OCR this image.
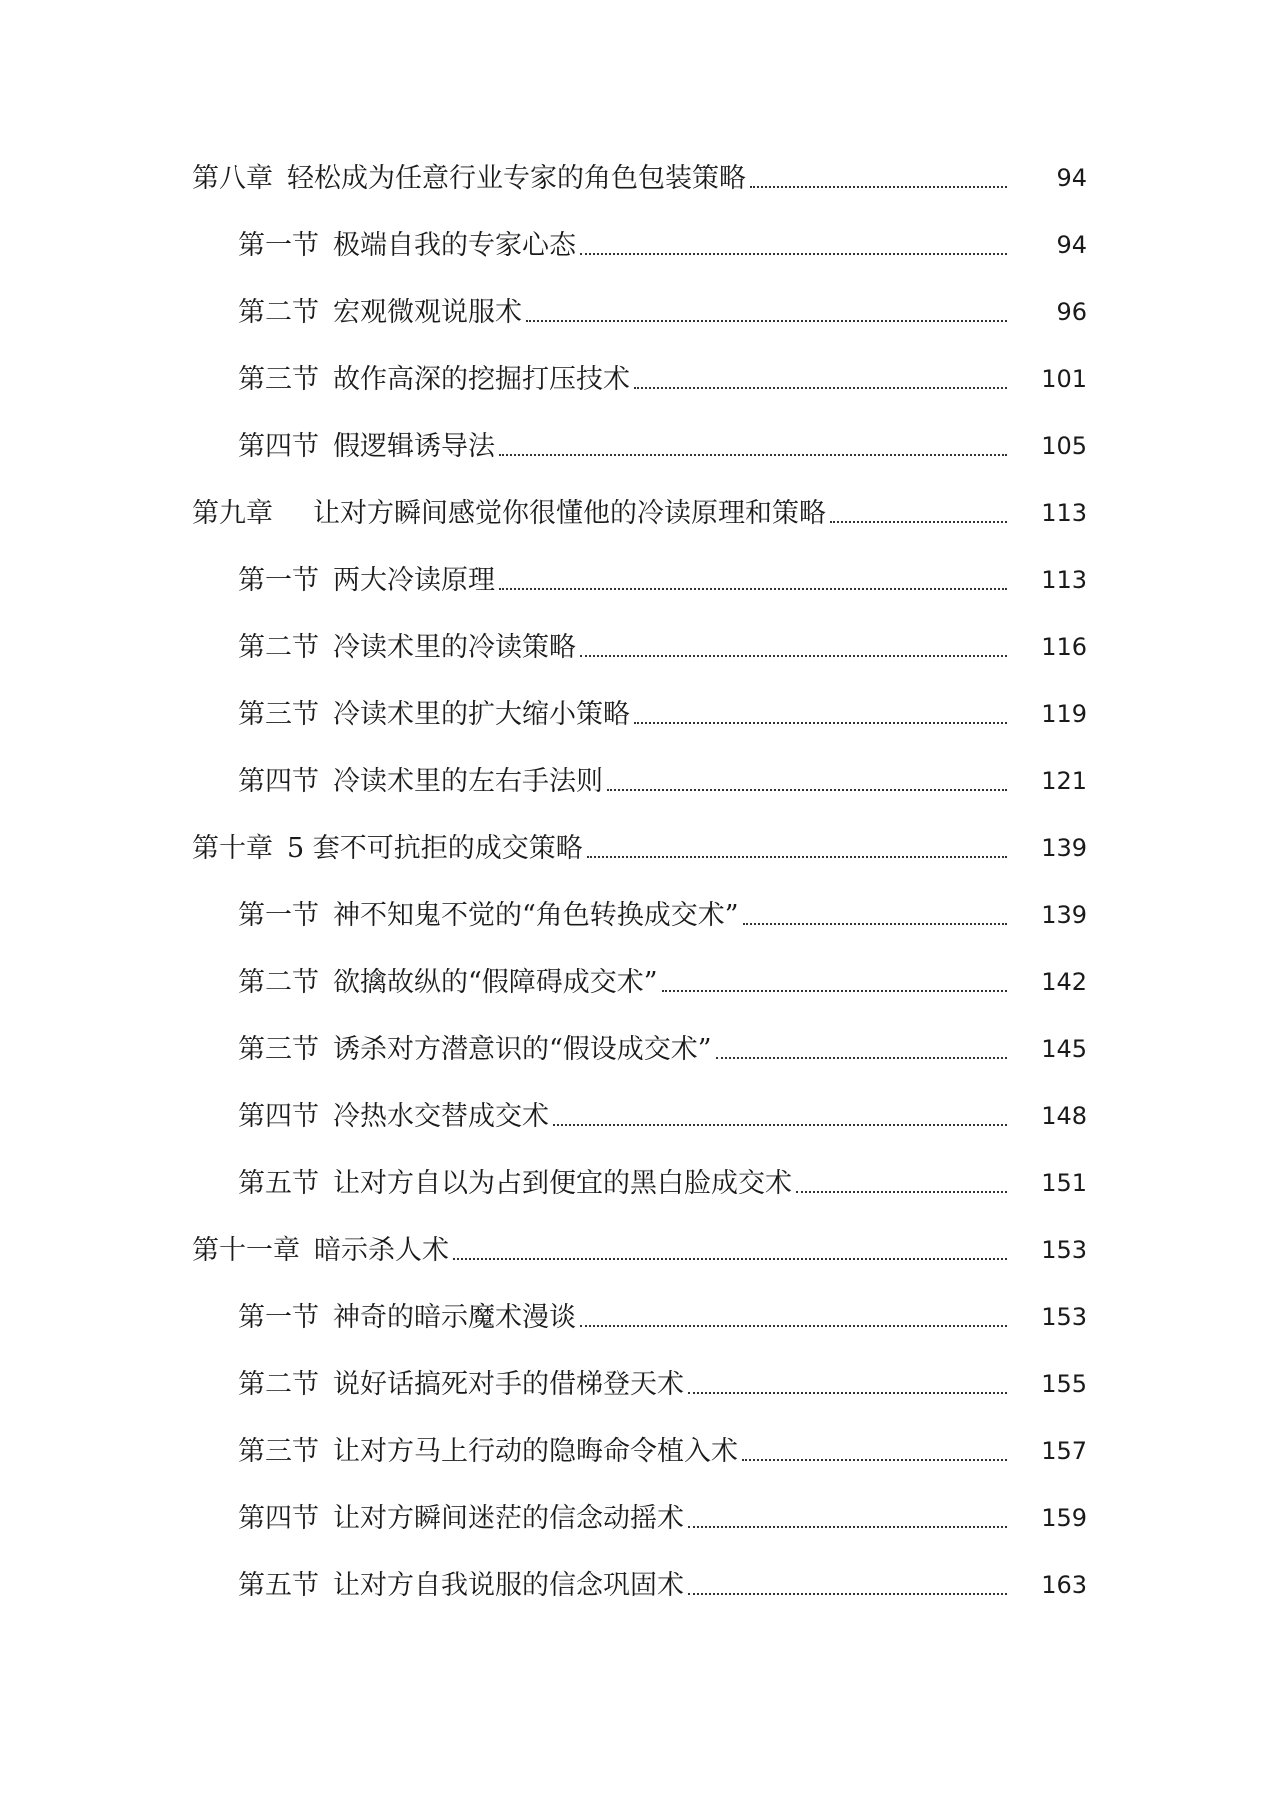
第八章 轻松成为任意行业专家的角色包装策略	94
第一节 极端自我的专家心态	94
第二节 宏观微观说服术	96
第三节 故作高深的挖掘打压技术	101
第四节 假逻辑诱导法	105
第九章 让对方瞬间感觉你很懂他的冷读原理和策略	113
第一节 两大冷读原理	113
第二节 冷读术里的冷读策略	116
第三节 冷读术里的扩大缩小策略	119
第四节 冷读术里的左右手法则	121
第十章 5 套不可抗拒的成交策略	139
第一节 神不知鬼不觉的“角色转换成交术”	139
第二节 欲擒故纵的“假障碍成交术”	142
第三节 诱杀对方潜意识的“假设成交术”	145
第四节 冷热水交替成交术	148
第五节 让对方自以为占到便宜的黑白脸成交术	151
第十一章 暗示杀人术	153
第一节 神奇的暗示魔术漫谈	153
第二节 说好话搞死对手的借梯登天术	155
第三节 让对方马上行动的隐晦命令植入术	157
第四节 让对方瞬间迷茫的信念动摇术	159
第五节 让对方自我说服的信念巩固术	163
